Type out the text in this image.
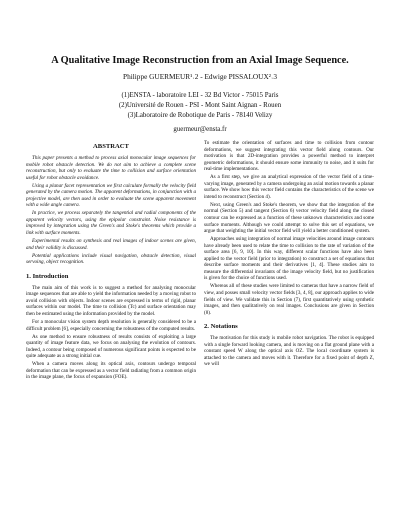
A Qualitative Image Reconstruction from an Axial Image Sequence.
Philippe GUERMEUR¹˒2 - Edwige PISSALOUX²˒3
(1)ENSTA - laboratoire LEI - 32 Bd Victor - 75015 Paris
(2)Université de Rouen - PSI - Mont Saint Aignan - Rouen
(3)Laboratoire de Robotique de Paris - 78140 Velizy
guermeur@ensta.fr
ABSTRACT

This paper presents a method to process axial monocular image sequences for mobile robot obstacle detection. We do not aim to achieve a complete scene reconstruction, but only to evaluate the time to collision and surface orientation useful for robot obstacle avoidance.

Using a planar facet representation we first calculate formally the velocity field generated by the camera motion. The apparent deformations, in conjunction with a projective model, are then used in order to evaluate the scene apparent movement with a wide angle camera.

In practice, we process separately the tangential and radial components of the apparent velocity vectors, using the epipolar constraint. Noise resistance is improved by integration using the Green's and Stoke's theorems which provide a link with surface moments.

Experimental results on synthesis and real images of indoor scenes are given, and their validity is discussed.

Potential applications include visual navigation, obstacle detection, visual servoing, object recognition.

1. Introduction

The main aim of this work is to suggest a method for analysing monocular image sequences that are able to yield the information needed by a moving robot to avoid collision with objects. Indoor scenes are expressed in terms of rigid, planar surfaces within our model. The time to collision (Tc) and surface orientation may then be estimated using the information provided by the model.

For a monocular vision system depth resolution is generally considered to be a difficult problem [6], especially concerning the robustness of the computed results.

As one method to ensure robustness of results consists of exploiting a large quantity of image feature data, we focus on analysing the evolution of contours. Indeed, a contour being composed of numerous significant points is expected to be quite adequate as a strong initial cue.

When a camera moves along its optical axis, contours undergo temporal deformation that can be expressed as a vector field radiating from a common origin in the image plane, the focus of expansion (FOE).

To estimate the orientation of surfaces and time to collision from contour deformations, we suggest integrating this vector field along contours. Our motivation is that 2D-integration provides a powerful method to interpret geometric deformations, it should ensure some immunity to noise, and it suits for real-time implementations.

As a first step, we give an analytical expression of the vector field of a time-varying image, generated by a camera undergoing an axial motion towards a planar surface. We show how this vector field contains the characteristics of the scene we intend to reconstruct (Section 4).

Next, using Green's and Stoke's theorem, we show that the integration of the normal (Section 5) and tangent (Section 6) vector velocity field along the closed contour can be expressed as a function of these unknown characteristics and some surface moments. Although we could attempt to solve this set of equations, we argue that weighting the initial vector field will yield a better conditioned system.

Approaches using integration of normal image velocities around image contours have already been used to relate the time to collision to the rate of variation of the surface area [6, 9, 10]. In this way, different scalar functions have also been applied to the vector field (prior to integration) to construct a set of equations that describe surface moments and their derivatives [1, 4]. These studies aim to measure the differential invariants of the image velocity field, but no justification is given for the choice of functions used.

Whereas all of these studies were limited to cameras that have a narrow field of view, and posses small velocity vector fields [3, 4, 8], our approach applies to wide fields of view. We validate this in Section (7), first quantitatively using synthetic images, and then qualitatively on real images. Conclusions are given in Section (8).

2. Notations

The motivation for this study is mobile robot navigation. The robot is equipped with a single forward looking camera, and is moving on a flat ground plane with a constant speed W along the optical axis OZ. The local coordinate system is attached to the camera and moves with it. Therefore for a fixed point of depth Z, we will
